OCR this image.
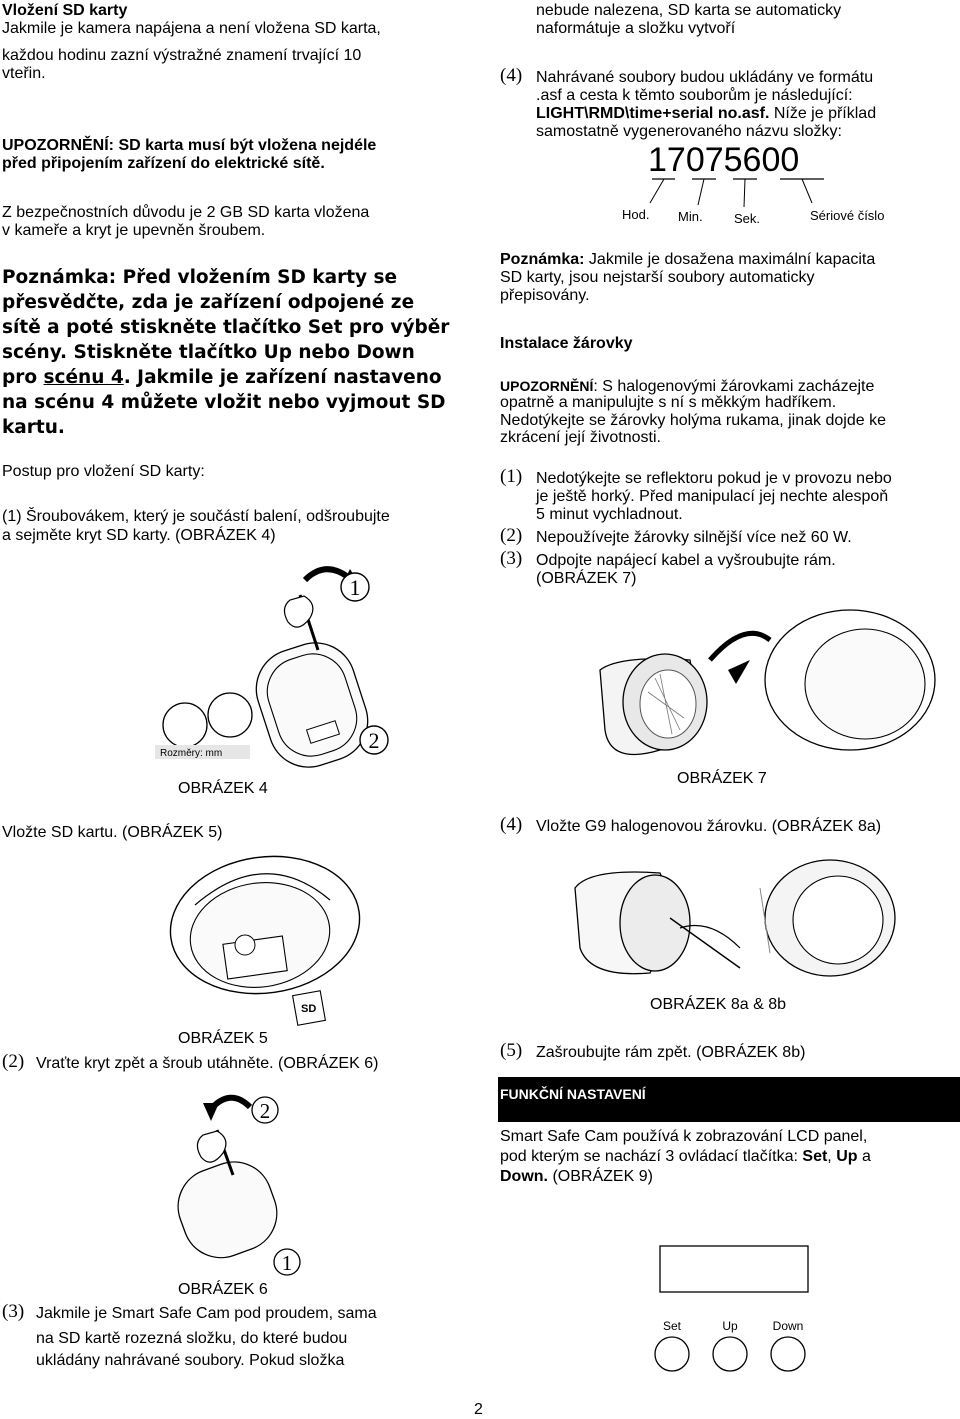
Vložení SD karty
Jakmile je kamera napájena a není vložena SD karta,
každou hodinu zazní výstražné znamení trvající 10
vteřin.
UPOZORNĚNÍ: SD karta musí být vložena nejdéle
před připojením zařízení do elektrické sítě.
Z bezpečnostních důvodu je 2 GB SD karta vložena
v kameře a kryt je upevněn šroubem.
Poznámka: Před vložením SD karty se
přesvědčte, zda je zařízení odpojené ze
sítě a poté stiskněte tlačítko Set pro výběr
scény. Stiskněte tlačítko Up nebo Down
pro scénu 4. Jakmile je zařízení nastaveno
na scénu 4 můžete vložit nebo vyjmout SD
kartu.
Postup pro vložení SD karty:
(1) Šroubovákem, který je součástí balení, odšroubujte
a sejměte kryt SD karty. (OBRÁZEK 4)
1
Rozměry: mm
2
OBRÁZEK 4
Vložte SD kartu. (OBRÁZEK 5)
SD
OBRÁZEK 5
(2) Vraťte kryt zpět a šroub utáhněte. (OBRÁZEK 6)
2
1
OBRÁZEK 6
(3) Jakmile je Smart Safe Cam pod proudem, sama
na SD kartě rozezná složku, do které budou
ukládány nahrávané soubory. Pokud složka
nebude nalezena, SD karta se automaticky
naformátuje a složku vytvoří
(4) Nahrávané soubory budou ukládány ve formátu
.asf a cesta k těmto souborům je následující:
LIGHT\RMD\time+serial no.asf. Níže je příklad
samostatně vygenerovaného názvu složky:
17075600
Hod. Min. Sek.	Sériové číslo
Poznámka: Jakmile je dosažena maximální kapacita
SD karty, jsou nejstarší soubory automaticky
přepisovány.
Instalace žárovky
UPOZORNĚNÍ: S halogenovými žárovkami zacházejte
opatrně a manipulujte s ní s měkkým hadříkem.
Nedotýkejte se žárovky holýma rukama, jinak dojde ke
zkrácení její životnosti.
(1) Nedotýkejte se reflektoru pokud je v provozu nebo
je ještě horký. Před manipulací jej nechte alespoň
5 minut vychladnout.
(2) Nepoužívejte žárovky silnější více než 60 W.
(3) Odpojte napájecí kabel a vyšroubujte rám.
(OBRÁZEK 7)
OBRÁZEK 7
(4) Vložte G9 halogenovou žárovku. (OBRÁZEK 8a)
OBRÁZEK 8a & 8b
(5) Zašroubujte rám zpět. (OBRÁZEK 8b)
FUNKČNÍ NASTAVENÍ
Smart Safe Cam používá k zobrazování LCD panel,
pod kterým se nachází 3 ovládací tlačítka: Set, Up a
Down. (OBRÁZEK 9)
Set	Up	Down
2
